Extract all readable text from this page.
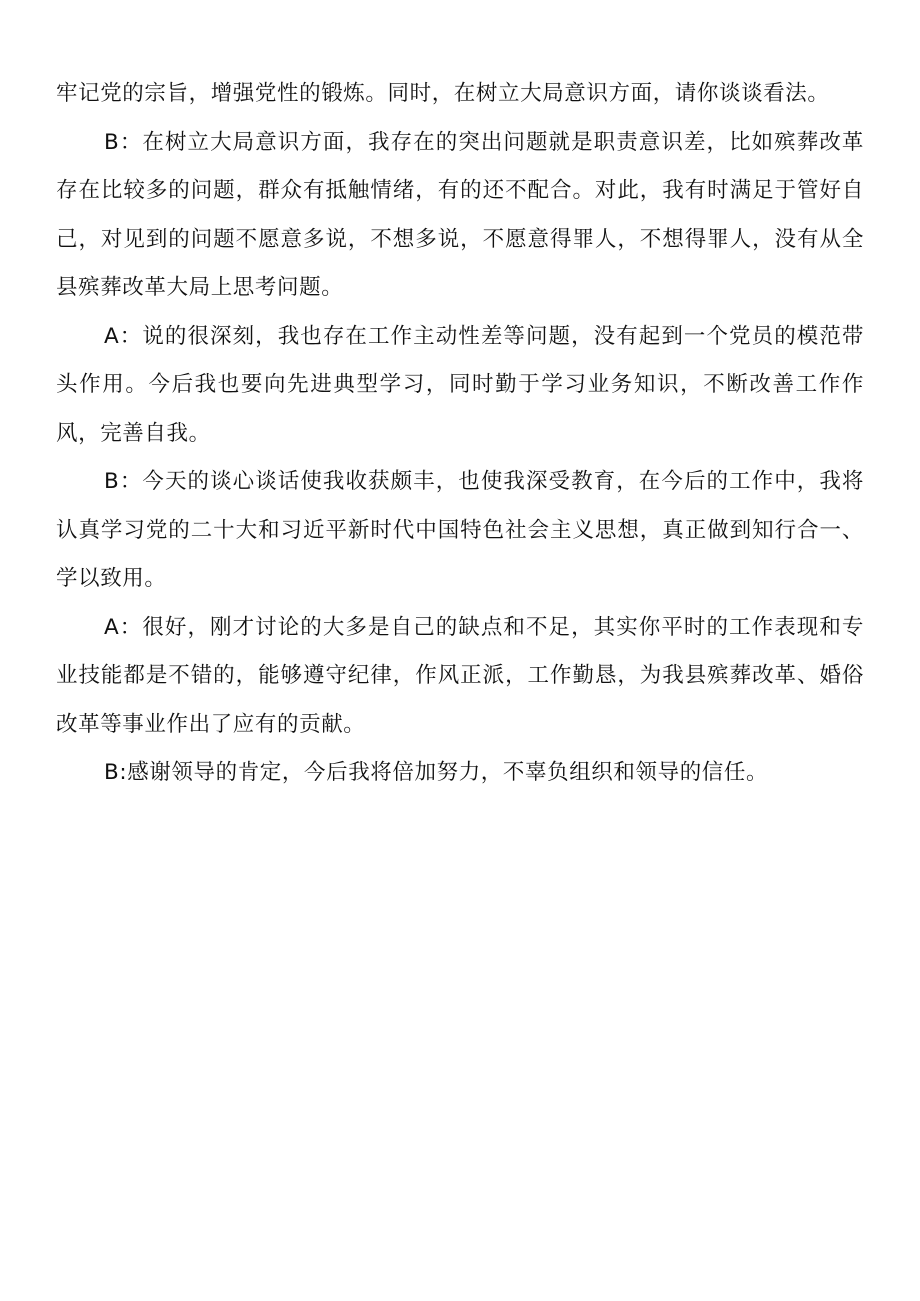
牢记党的宗旨，增强党性的锻炼。同时，在树立大局意识方面，请你谈谈看法。

B：在树立大局意识方面，我存在的突出问题就是职责意识差，比如殡葬改革存在比较多的问题，群众有抵触情绪，有的还不配合。对此，我有时满足于管好自己，对见到的问题不愿意多说，不想多说，不愿意得罪人，不想得罪人，没有从全县殡葬改革大局上思考问题。

A：说的很深刻，我也存在工作主动性差等问题，没有起到一个党员的模范带头作用。今后我也要向先进典型学习，同时勤于学习业务知识，不断改善工作作风，完善自我。

B：今天的谈心谈话使我收获颇丰，也使我深受教育，在今后的工作中，我将认真学习党的二十大和习近平新时代中国特色社会主义思想，真正做到知行合一、学以致用。

A：很好，刚才讨论的大多是自己的缺点和不足，其实你平时的工作表现和专业技能都是不错的，能够遵守纪律，作风正派，工作勤恳，为我县殡葬改革、婚俗改革等事业作出了应有的贡献。

B:感谢领导的肯定，今后我将倍加努力，不辜负组织和领导的信任。
